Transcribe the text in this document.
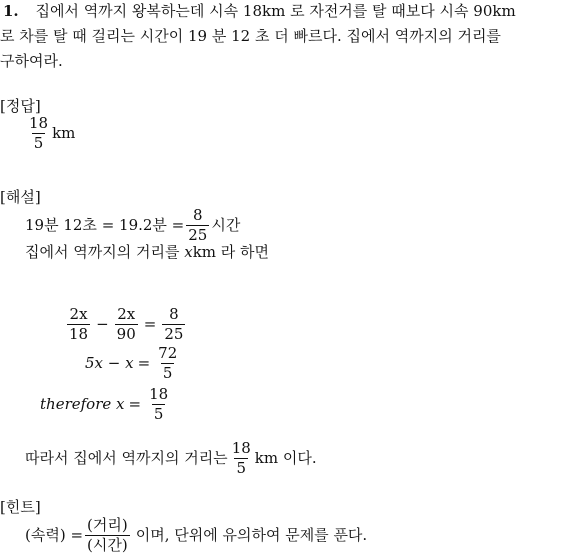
1. 집에서 역까지 왕복하는데 시속 18km 로 자전거를 탈 때보다 시속 90km
로 차를 탈 때 걸리는 시간이 19 분 12 초 더 빠르다. 집에서 역까지의 거리를
구하여라.
[정답]
$\frac{18}{5}$ km
[해설]
19분 12초 = 19.2분 = $\frac{8}{25}$ 시간
집에서 역까지의 거리를 xkm 라 하면
$\frac{2x}{18} - \frac{2x}{90} = \frac{8}{25}$
$5x - x = \frac{72}{5}$
therefore $x = \frac{18}{5}$
따라서 집에서 역까지의 거리는 $\frac{18}{5}$ km 이다.
[힌트]
(속력) = $\frac{\text{(거리)}}{\text{(시간)}}$ 이며, 단위에 유의하여 문제를 푼다.
